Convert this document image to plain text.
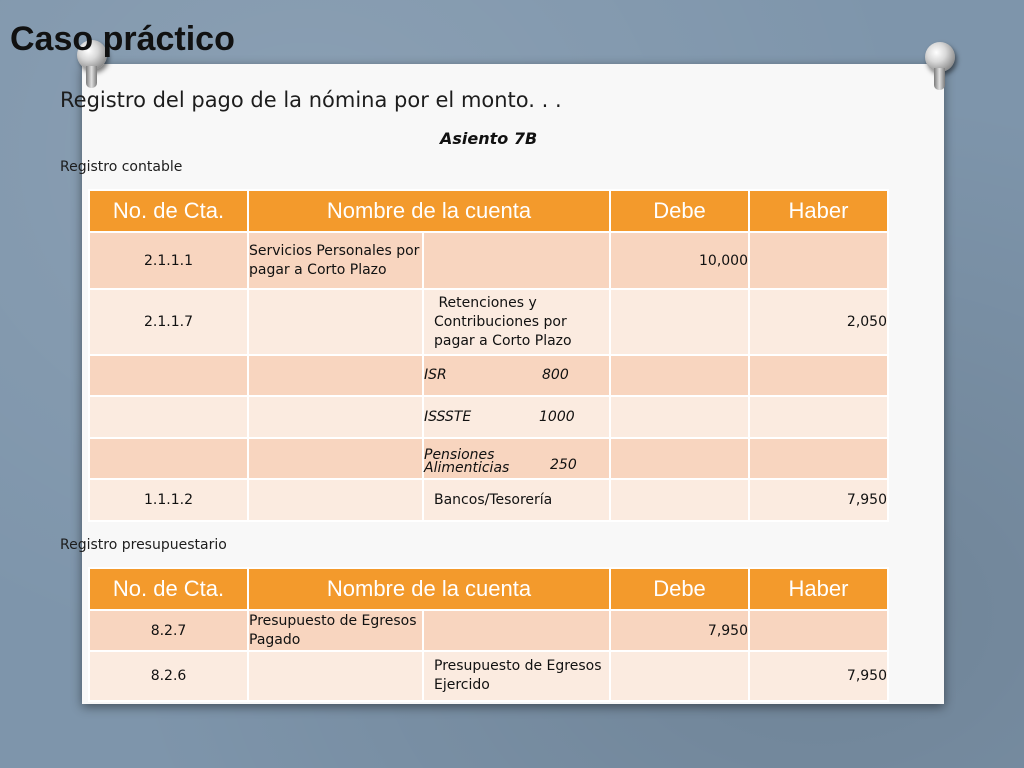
Caso práctico
Registro del pago de la nómina por el monto. . .
Asiento 7B
Registro contable
No. de Cta.	Nombre de la cuenta		Debe	Haber
2.1.1.1	Servicios Personales por pagar a Corto Plazo		10,000	
2.1.1.7		Retenciones y Contribuciones por pagar a Corto Plazo		2,050
		ISR 800		

		ISSSTE 1000		

		Pensiones Alimenticias 250		

1.1.1.2		Bancos/Tesorería		7,950
Registro presupuestario
No. de Cta.	Nombre de la cuenta		Debe	Haber
8.2.7	Presupuesto de Egresos Pagado		7,950	
8.2.6		Presupuesto de Egresos Ejercido		7,950
